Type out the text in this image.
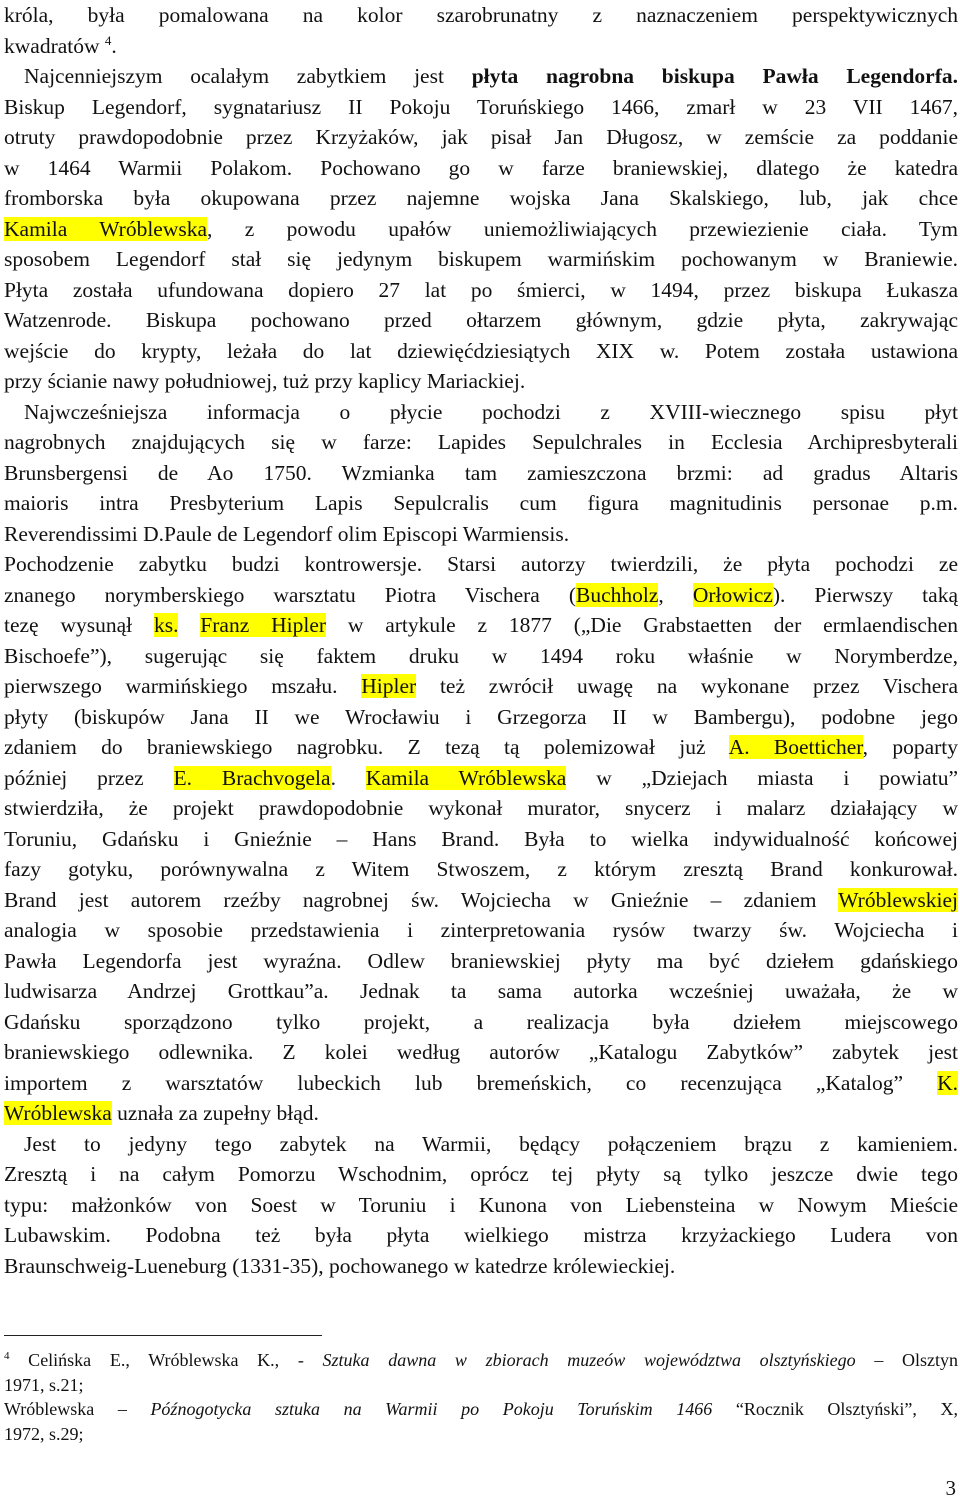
króla, była pomalowana na kolor szarobrunatny z naznaczeniem perspektywicznych
kwadratów $^4$.
Najcenniejszym ocalałym zabytkiem jest płyta nagrobna biskupa Pawła Legendorfa.
Biskup Legendorf, sygnatariusz II Pokoju Toruńskiego 1466, zmarł w 23 VII 1467,
otruty prawdopodobnie przez Krzyżaków, jak pisał Jan Długosz, w zemście za poddanie
w 1464 Warmii Polakom. Pochowano go w farze braniewskiej, dlatego że katedra
fromborska była okupowana przez najemne wojska Jana Skalskiego, lub, jak chce
Kamila Wróblewska, z powodu upałów uniemożliwiających przewiezienie ciała. Tym
sposobem Legendorf stał się jedynym biskupem warmińskim pochowanym w Braniewie.
Płyta została ufundowana dopiero 27 lat po śmierci, w 1494, przez biskupa Łukasza
Watzenrode. Biskupa pochowano przed ołtarzem głównym, gdzie płyta, zakrywając
wejście do krypty, leżała do lat dziewięćdziesiątych XIX w. Potem została ustawiona
przy ścianie nawy południowej, tuż przy kaplicy Mariackiej.
Najwcześniejsza informacja o płycie pochodzi z XVIII-wiecznego spisu płyt
nagrobnych znajdujących się w farze: Lapides Sepulchrales in Ecclesia Archipresbyterali
Brunsbergensi de Ao 1750. Wzmianka tam zamieszczona brzmi: ad gradus Altaris
maioris intra Presbyterium Lapis Sepulcralis cum figura magnitudinis personae p.m.
Reverendissimi D.Paule de Legendorf olim Episcopi Warmiensis.
Pochodzenie zabytku budzi kontrowersje. Starsi autorzy twierdzili, że płyta pochodzi ze
znanego norymberskiego warsztatu Piotra Vischera (Buchholz, Orłowicz). Pierwszy taką
tezę wysunął ks. Franz Hipler w artykule z 1877 („Die Grabstaetten der ermlaendischen
Bischoefe”), sugerując się faktem druku w 1494 roku właśnie w Norymberdze,
pierwszego warmińskiego mszału. Hipler też zwrócił uwagę na wykonane przez Vischera
płyty (biskupów Jana II we Wrocławiu i Grzegorza II w Bambergu), podobne jego
zdaniem do braniewskiego nagrobku. Z tezą tą polemizował już A. Boetticher, poparty
później przez E. Brachvogela. Kamila Wróblewska w „Dziejach miasta i powiatu”
stwierdziła, że projekt prawdopodobnie wykonał murator, snycerz i malarz działający w
Toruniu, Gdańsku i Gnieźnie – Hans Brand. Była to wielka indywidualność końcowej
fazy gotyku, porównywalna z Witem Stwoszem, z którym zresztą Brand konkurował.
Brand jest autorem rzeźby nagrobnej św. Wojciecha w Gnieźnie – zdaniem Wróblewskiej
analogia w sposobie przedstawienia i zinterpretowania rysów twarzy św. Wojciecha i
Pawła Legendorfa jest wyraźna. Odlew braniewskiej płyty ma być dziełem gdańskiego
ludwisarza Andrzej Grottkau”a. Jednak ta sama autorka wcześniej uważała, że w
Gdańsku sporządzono tylko projekt, a realizacja była dziełem miejscowego
braniewskiego odlewnika. Z kolei według autorów „Katalogu Zabytków” zabytek jest
importem z warsztatów lubeckich lub bremeńskich, co recenzująca „Katalog” K.
Wróblewska uznała za zupełny błąd.
Jest to jedyny tego zabytek na Warmii, będący połączeniem brązu z kamieniem.
Zresztą i na całym Pomorzu Wschodnim, oprócz tej płyty są tylko jeszcze dwie tego
typu: małżonków von Soest w Toruniu i Kunona von Liebensteina w Nowym Mieście
Lubawskim. Podobna też była płyta wielkiego mistrza krzyżackiego Ludera von
Braunschweig-Lueneburg (1331-35), pochowanego w katedrze królewieckiej.
$^4$ Celińska E., Wróblewska K., - Sztuka dawna w zbiorach muzeów województwa olsztyńskiego – Olsztyn
1971, s.21;
Wróblewska – Późnogotycka sztuka na Warmii po Pokoju Toruńskim 1466 “Rocznik Olsztyński”, X,
1972, s.29;
3
